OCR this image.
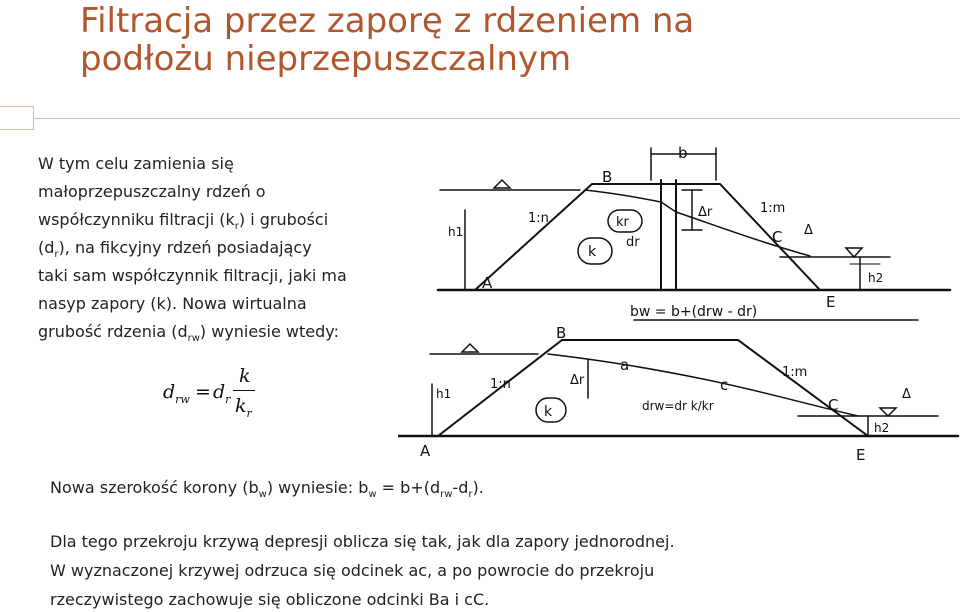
Filtracja przez zaporę z rdzeniem na
podłożu nieprzepuszczalnym

W tym celu zamienia się
małoprzepuszczalny rdzeń o
współczynniku filtracji $(k_r)$ i grubości
$(d_r)$, na fikcyjny rdzeń posiadający
taki sam współczynnik filtracji, jaki ma
nasyp zapory (k). Nowa wirtualna
grubość rdzenia $(d_{rw})$ wyniesie wtedy:

$d_{rw} = d_r$
k
$k_r$
b
B
1:n
1:m
kr
k
Δr
dr
h1	C Δ
h2
A
E
bw = b+(drw - dr)
B
a
c
1:n
1:m
Δr
h1
k	drw=dr k/kr	C
Δ
h2
A	E

Nowa szerokość korony $(b_w)$ wyniesie: $b_w = b+(d_{rw}-d_r)$.

Dla tego przekroju krzywą depresji oblicza się tak, jak dla zapory jednorodnej.

W wyznaczonej krzywej odrzuca się odcinek ac, a po powrocie do przekroju

rzeczywistego zachowuje się obliczone odcinki Ba i cC.
